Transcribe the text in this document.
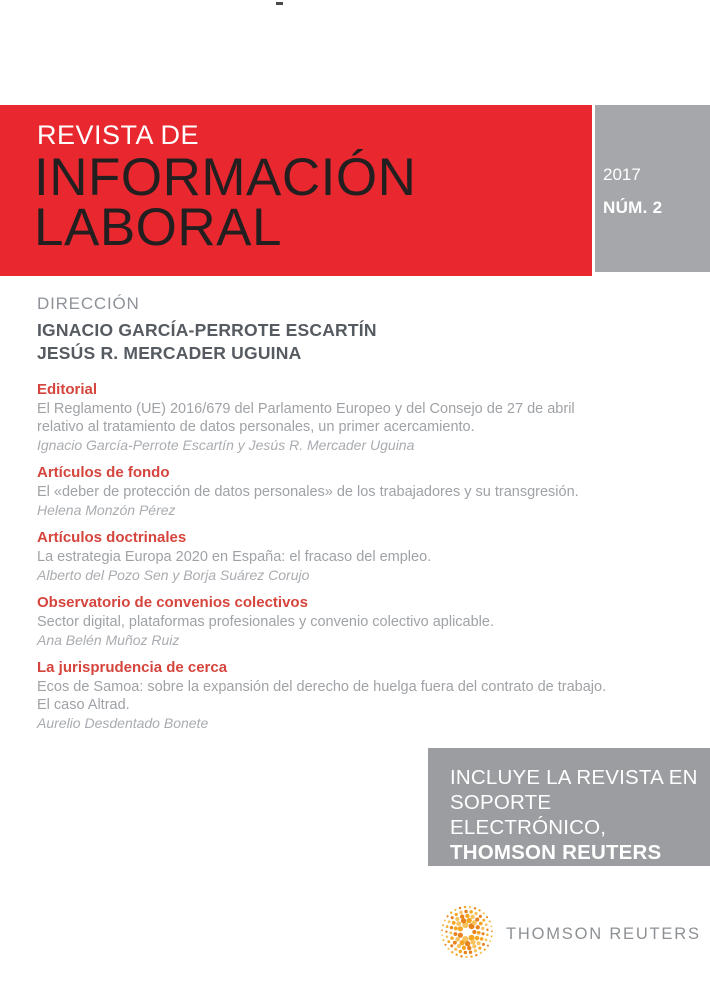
REVISTA DE
INFORMACIÓN
LABORAL
2017
NÚM. 2
DIRECCIÓN
IGNACIO GARCÍA-PERROTE ESCARTÍN
JESÚS R. MERCADER UGUINA
Editorial

El Reglamento (UE) 2016/679 del Parlamento Europeo y del Consejo de 27 de abril relativo al tratamiento de datos personales, un primer acercamiento.

Ignacio García-Perrote Escartín y Jesús R. Mercader Uguina

Artículos de fondo

El «deber de protección de datos personales» de los trabajadores y su transgresión.

Helena Monzón Pérez

Artículos doctrinales

La estrategia Europa 2020 en España: el fracaso del empleo.

Alberto del Pozo Sen y Borja Suárez Corujo

Observatorio de convenios colectivos

Sector digital, plataformas profesionales y convenio colectivo aplicable.

Ana Belén Muñoz Ruiz

La jurisprudencia de cerca

Ecos de Samoa: sobre la expansión del derecho de huelga fuera del contrato de trabajo. El caso Altrad.

Aurelio Desdentado Bonete

INCLUYE LA REVISTA EN
SOPORTE ELECTRÓNICO,
THOMSON REUTERS
PROVIEW™
THOMSON REUTERS
